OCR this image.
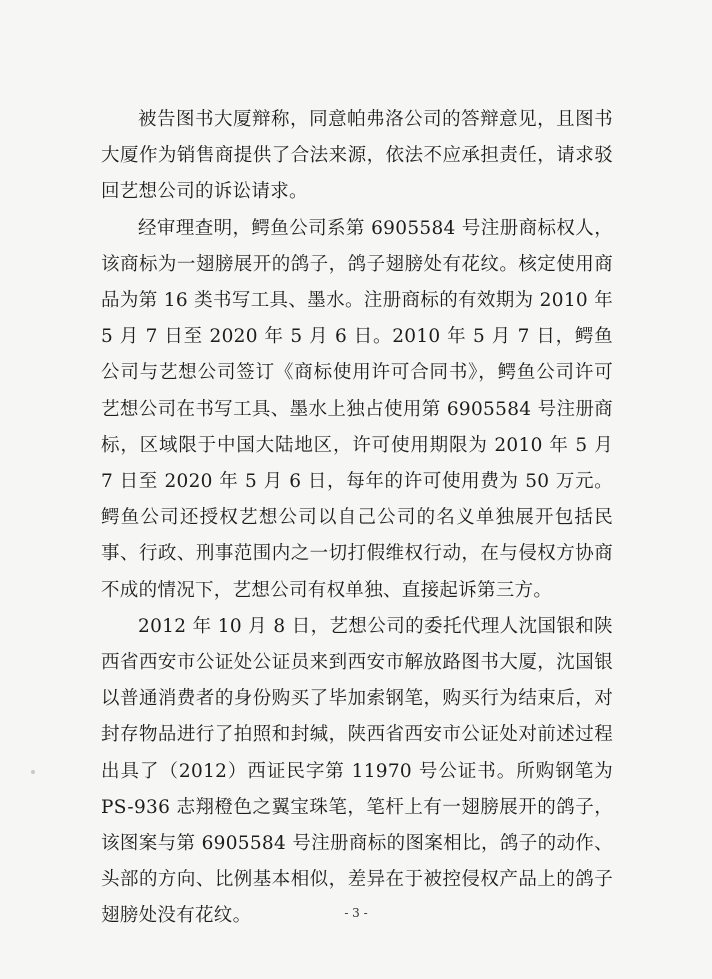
被告图书大厦辩称，同意帕弗洛公司的答辩意见，且图书大厦作为销售商提供了合法来源，依法不应承担责任，请求驳回艺想公司的诉讼请求。

经审理查明，鳄鱼公司系第 6905584 号注册商标权人，该商标为一翅膀展开的鸽子，鸽子翅膀处有花纹。核定使用商品为第 16 类书写工具、墨水。注册商标的有效期为 2010 年 5 月 7 日至 2020 年 5 月 6 日。2010 年 5 月 7 日，鳄鱼公司与艺想公司签订《商标使用许可合同书》，鳄鱼公司许可艺想公司在书写工具、墨水上独占使用第 6905584 号注册商标，区域限于中国大陆地区，许可使用期限为 2010 年 5 月 7 日至 2020 年 5 月 6 日，每年的许可使用费为 50 万元。鳄鱼公司还授权艺想公司以自己公司的名义单独展开包括民事、行政、刑事范围内之一切打假维权行动，在与侵权方协商不成的情况下，艺想公司有权单独、直接起诉第三方。

2012 年 10 月 8 日，艺想公司的委托代理人沈国银和陕西省西安市公证处公证员来到西安市解放路图书大厦，沈国银以普通消费者的身份购买了毕加索钢笔，购买行为结束后，对封存物品进行了拍照和封缄，陕西省西安市公证处对前述过程出具了（2012）西证民字第 11970 号公证书。所购钢笔为 PS-936 志翔橙色之翼宝珠笔，笔杆上有一翅膀展开的鸽子，该图案与第 6905584 号注册商标的图案相比，鸽子的动作、头部的方向、比例基本相似，差异在于被控侵权产品上的鸽子翅膀处没有花纹。	- 3 -
